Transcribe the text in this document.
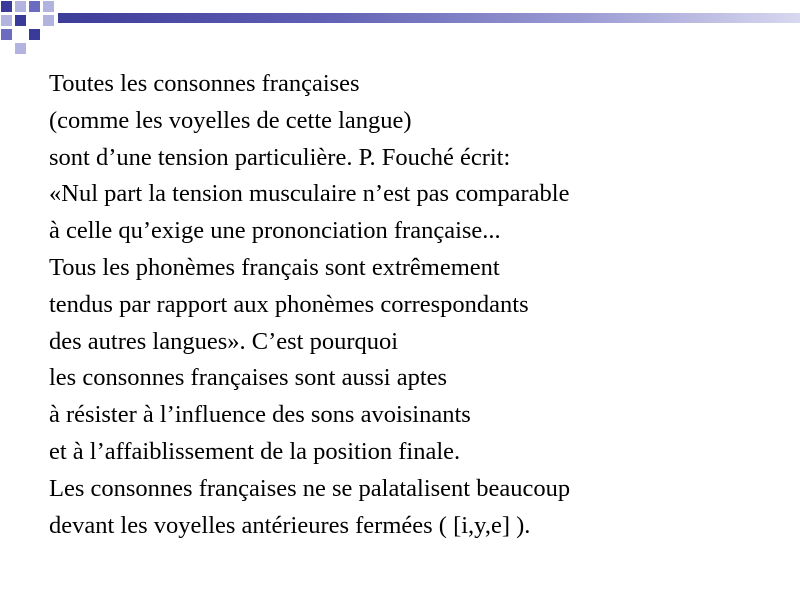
Toutes les consonnes françaises
(comme les voyelles de cette langue)
sont d’une tension particulière. P. Fouché écrit:
«Nul part la tension musculaire n’est pas comparable
à celle qu’exige une prononciation française...
Tous les phonèmes français sont extrêmement
tendus par rapport aux phonèmes correspondants
des autres langues». C’est pourquoi
les consonnes françaises sont aussi aptes
à résister à l’influence des sons avoisinants
et à l’affaiblissement de la position finale.
Les consonnes françaises ne se palatalisent beaucoup
devant les voyelles antérieures fermées ( [i,y,e] ).
